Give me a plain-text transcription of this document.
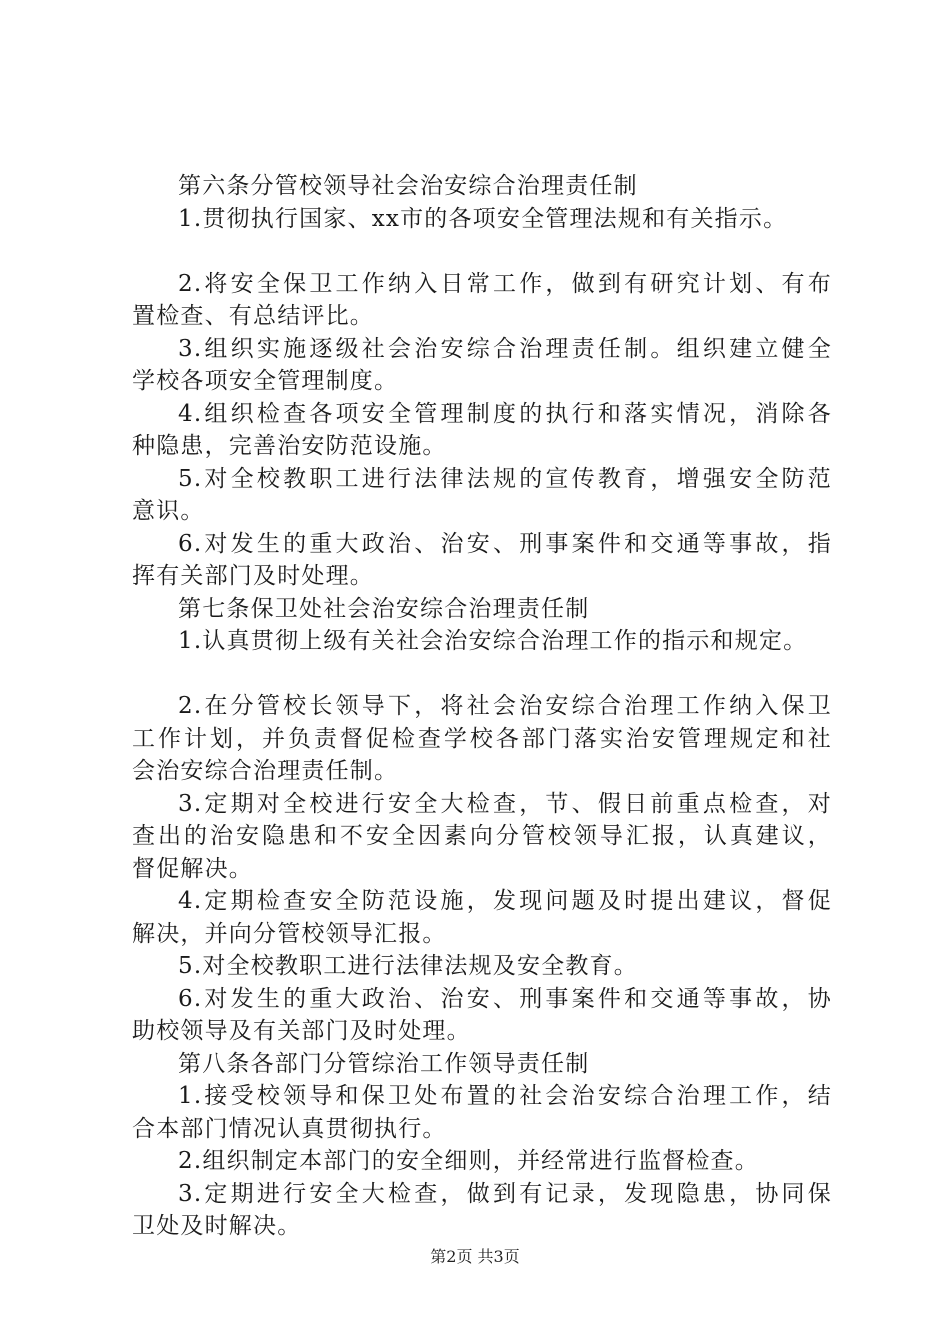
第六条分管校领导社会治安综合治理责任制
1.贯彻执行国家、xx市的各项安全管理法规和有关指示。
2.将安全保卫工作纳入日常工作，做到有研究计划、有布
置检查、有总结评比。
3.组织实施逐级社会治安综合治理责任制。组织建立健全
学校各项安全管理制度。
4.组织检查各项安全管理制度的执行和落实情况，消除各
种隐患，完善治安防范设施。
5.对全校教职工进行法律法规的宣传教育，增强安全防范
意识。
6.对发生的重大政治、治安、刑事案件和交通等事故，指
挥有关部门及时处理。
第七条保卫处社会治安综合治理责任制
1.认真贯彻上级有关社会治安综合治理工作的指示和规定。
2.在分管校长领导下，将社会治安综合治理工作纳入保卫
工作计划，并负责督促检查学校各部门落实治安管理规定和社
会治安综合治理责任制。
3.定期对全校进行安全大检查，节、假日前重点检查，对
查出的治安隐患和不安全因素向分管校领导汇报，认真建议，
督促解决。
4.定期检查安全防范设施，发现问题及时提出建议，督促
解决，并向分管校领导汇报。
5.对全校教职工进行法律法规及安全教育。
6.对发生的重大政治、治安、刑事案件和交通等事故，协
助校领导及有关部门及时处理。
第八条各部门分管综治工作领导责任制
1.接受校领导和保卫处布置的社会治安综合治理工作，结
合本部门情况认真贯彻执行。
2.组织制定本部门的安全细则，并经常进行监督检查。
3.定期进行安全大检查，做到有记录，发现隐患，协同保
卫处及时解决。
第2页 共3页
